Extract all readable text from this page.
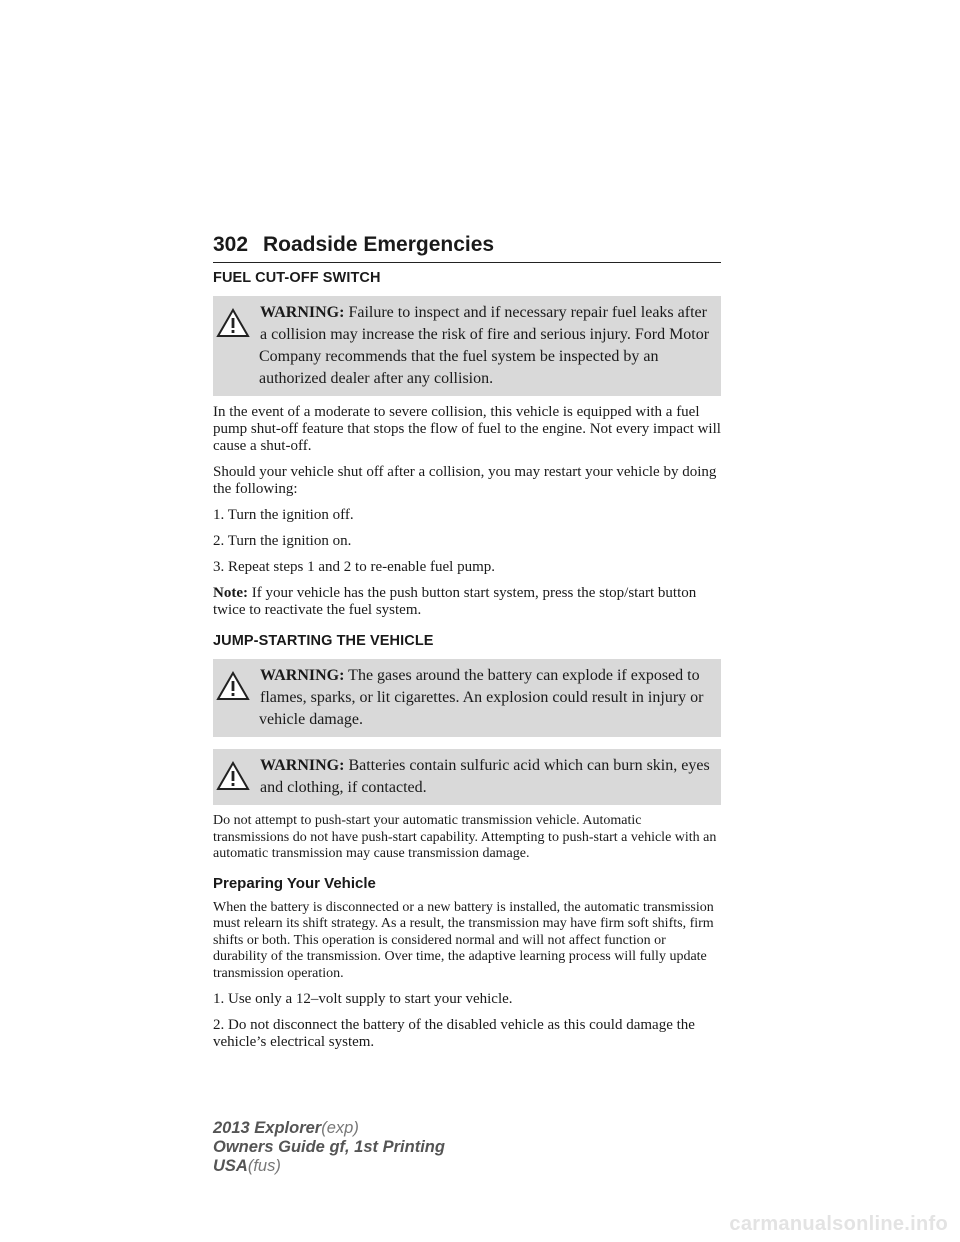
302 Roadside Emergencies
FUEL CUT-OFF SWITCH
WARNING: Failure to inspect and if necessary repair fuel leaks after a collision may increase the risk of fire and serious injury. Ford Motor Company recommends that the fuel system be inspected by an authorized dealer after any collision.

In the event of a moderate to severe collision, this vehicle is equipped with a fuel pump shut-off feature that stops the flow of fuel to the engine. Not every impact will cause a shut-off.

Should your vehicle shut off after a collision, you may restart your vehicle by doing the following:

1. Turn the ignition off.

2. Turn the ignition on.

3. Repeat steps 1 and 2 to re-enable fuel pump.

Note: If your vehicle has the push button start system, press the stop/start button twice to reactivate the fuel system.

JUMP-STARTING THE VEHICLE
WARNING: The gases around the battery can explode if exposed to flames, sparks, or lit cigarettes. An explosion could result in injury or vehicle damage.
WARNING: Batteries contain sulfuric acid which can burn skin, eyes and clothing, if contacted.

Do not attempt to push-start your automatic transmission vehicle. Automatic transmissions do not have push-start capability. Attempting to push-start a vehicle with an automatic transmission may cause transmission damage.

Preparing Your Vehicle

When the battery is disconnected or a new battery is installed, the automatic transmission must relearn its shift strategy. As a result, the transmission may have firm soft shifts, firm shifts or both. This operation is considered normal and will not affect function or durability of the transmission. Over time, the adaptive learning process will fully update transmission operation.

1. Use only a 12–volt supply to start your vehicle.

2. Do not disconnect the battery of the disabled vehicle as this could damage the vehicle’s electrical system.

2013 Explorer(exp)
Owners Guide gf, 1st Printing
USA(fus)
carmanualsonline.info
